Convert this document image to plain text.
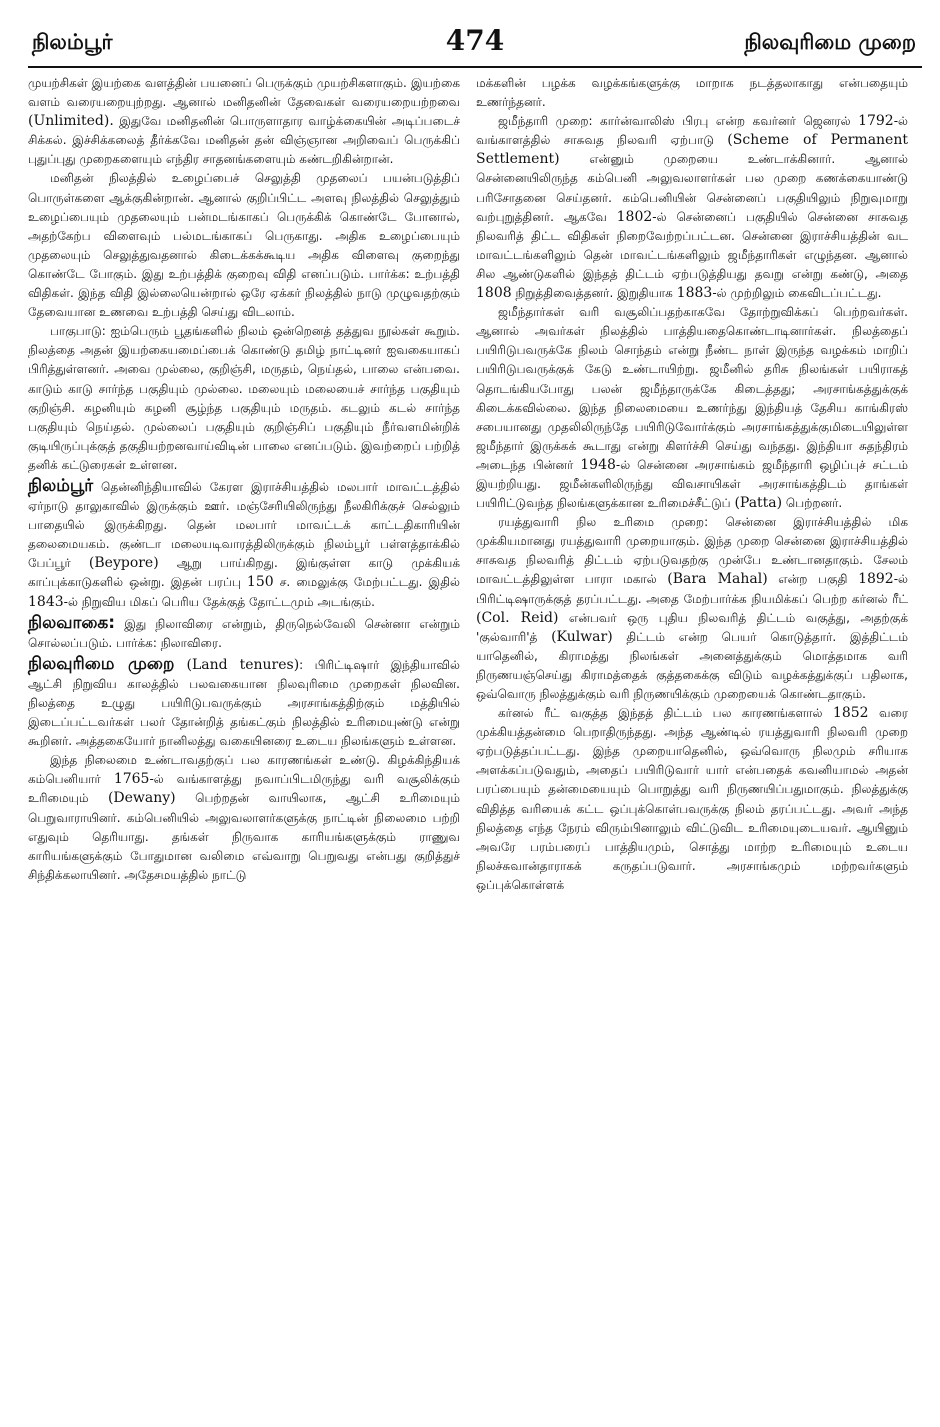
நிலம்பூர்	474	நிலவுரிமை முறை

முயற்சிகள் இயற்கை வளத்தின் பயனைப் பெருக்கும் முயற்சிகளாகும். இயற்கை வளம் வரையறையுற்றது. ஆனால் மனிதனின் தேவைகள் வரையறையற்றவை (Unlimited). இதுவே மனிதனின் பொருளாதார வாழ்க்கையின் அடிப்படைச் சிக்கல். இச்சிக்கலைத் தீர்க்கவே மனிதன் தன் விஞ்ஞான அறிவைப் பெருக்கிப் புதுப்புது முறைகளையும் எந்திர சாதனங்களையும் கண்டறிகின்றான்.

மனிதன் நிலத்தில் உழைப்பைச் செலுத்தி முதலைப் பயன்படுத்திப் பொருள்களை ஆக்குகின்றான். ஆனால் குறிப்பிட்ட அளவு நிலத்தில் செலுத்தும் உழைப்பையும் முதலையும் பன்மடங்காகப் பெருக்கிக் கொண்டே போனால், அதற்கேற்ப விளைவும் பல்மடங்காகப் பெருகாது. அதிக உழைப்பையும் முதலையும் செலுத்துவதனால் கிடைக்கக்கூடிய அதிக விளைவு குறைந்து கொண்டே போகும். இது உற்பத்திக் குறைவு விதி எனப்படும். பார்க்க: உற்பத்தி விதிகள். இந்த விதி இல்லையென்றால் ஒரே ஏக்கர் நிலத்தில் நாடு முழுவதற்கும் தேவையான உணவை உற்பத்தி செய்து விடலாம்.

பாகுபாடு: ஐம்பெரும் பூதங்களில் நிலம் ஒன்றெனத் தத்துவ நூல்கள் கூறும். நிலத்தை அதன் இயற்கையமைப்பைக் கொண்டு தமிழ் நாட்டினர் ஐவகையாகப் பிரித்துள்ளனர். அவை முல்லை, குறிஞ்சி, மருதம், நெய்தல், பாலை என்பவை. காடும் காடு சார்ந்த பகுதியும் முல்லை. மலையும் மலையைச் சார்ந்த பகுதியும் குறிஞ்சி. கழனியும் கழனி சூழ்ந்த பகுதியும் மருதம். கடலும் கடல் சார்ந்த பகுதியும் நெய்தல். முல்லைப் பகுதியும் குறிஞ்சிப் பகுதியும் நீர்வளமின்றிக் குடியிருப்புக்குத் தகுதியற்றனவாய்விடின் பாலை எனப்படும். இவற்றைப் பற்றித் தனிக் கட்டுரைகள் உள்ளன.

நிலம்பூர் தென்னிந்தியாவில் கேரள இராச்சியத்தில் மலபார் மாவட்டத்தில் ஏர்நாடு தாலுகாவில் இருக்கும் ஊர். மஞ்சேரியிலிருந்து நீலகிரிக்குச் செல்லும் பாதையில் இருக்கிறது. தென் மலபார் மாவட்டக் காட்டதிகாரியின் தலைமையகம். குண்டா மலையடிவாரத்திலிருக்கும் நிலம்பூர் பள்ளத்தாக்கில் பேப்பூர் (Beypore) ஆறு பாய்கிறது. இங்குள்ள காடு முக்கியக் காப்புக்காடுகளில் ஒன்று. இதன் பரப்பு 150 ச. மைலுக்கு மேற்பட்டது. இதில் 1843-ல் நிறுவிய மிகப் பெரிய தேக்குத் தோட்டமும் அடங்கும்.

நிலவாகை: இது நிலாவிரை என்றும், திருநெல்வேலி சென்னா என்றும் சொல்லப்படும். பார்க்க: நிலாவிரை.

நிலவுரிமை முறை (Land tenures): பிரிட்டிஷார் இந்தியாவில் ஆட்சி நிறுவிய காலத்தில் பலவகையான நிலவுரிமை முறைகள் நிலவின. நிலத்தை உழுது பயிரிடுபவருக்கும் அரசாங்கத்திற்கும் மத்தியில் இடைப்பட்டவர்கள் பலர் தோன்றித் தங்கட்கும் நிலத்தில் உரிமையுண்டு என்று கூறினர். அத்தகையோர் நானிலத்து வகையினரை உடைய நிலங்களும் உள்ளன.

இந்த நிலைமை உண்டாவதற்குப் பல காரணங்கள் உண்டு. கிழக்கிந்தியக் கம்பெனியார் 1765-ல் வங்காளத்து நவாப்பிடமிருந்து வரி வசூலிக்கும் உரிமையும் (Dewany) பெற்றதன் வாயிலாக, ஆட்சி உரிமையும் பெறுவாராயினர். கம்பெனியில் அலுவலாளர்களுக்கு நாட்டின் நிலைமை பற்றி எதுவும் தெரியாது. தங்கள் நிருவாக காரியங்களுக்கும் ராணுவ காரியங்களுக்கும் போதுமான வலிமை எவ்வாறு பெறுவது என்பது குறித்துச் சிந்திக்கலாயினர். அதேசமயத்தில் நாட்டு

மக்களின் பழக்க வழக்கங்களுக்கு மாறாக நடத்தலாகாது என்பதையும் உணர்ந்தனர்.

ஜமீந்தாரி முறை: கார்ன்வாலிஸ் பிரபு என்ற கவர்னர் ஜெனரல் 1792-ல் வங்காளத்தில் சாசுவத நிலவரி ஏற்பாடு (Scheme of Permanent Settlement) என்னும் முறையை உண்டாக்கினார். ஆனால் சென்னையிலிருந்த கம்பெனி அலுவலாளர்கள் பல முறை கணக்கையாண்டு பரிசோதனை செய்தனர். கம்பெனியின் சென்னைப் பகுதியிலும் நிறுவுமாறு வற்புறுத்தினர். ஆகவே 1802-ல் சென்னைப் பகுதியில் சென்னை சாசுவத நிலவரித் திட்ட விதிகள் நிறைவேற்றப்பட்டன. சென்னை இராச்சியத்தின் வட மாவட்டங்களிலும் தென் மாவட்டங்களிலும் ஜமீந்தாரிகள் எழுந்தன. ஆனால் சில ஆண்டுகளில் இந்தத் திட்டம் ஏற்படுத்தியது தவறு என்று கண்டு, அதை 1808 நிறுத்திவைத்தனர். இறுதியாக 1883-ல் முற்றிலும் கைவிடப்பட்டது.

ஜமீந்தார்கள் வரி வசூலிப்பதற்காகவே தோற்றுவிக்கப் பெற்றவர்கள். ஆனால் அவர்கள் நிலத்தில் பாத்தியதைகொண்டாடினார்கள். நிலத்தைப் பயிரிடுபவருக்கே நிலம் சொந்தம் என்று நீண்ட நாள் இருந்த வழக்கம் மாறிப் பயிரிடுபவருக்குக் கேடு உண்டாயிற்று. ஜமீனில் தரிசு நிலங்கள் பயிராகத் தொடங்கியபோது பலன் ஜமீந்தாருக்கே கிடைத்தது; அரசாங்கத்துக்குக் கிடைக்கவில்லை. இந்த நிலைமையை உணர்ந்து இந்தியத் தேசிய காங்கிரஸ் சபையானது முதலிலிருந்தே பயிரிடுவோர்க்கும் அரசாங்கத்துக்குமிடையிலுள்ள ஜமீந்தார் இருக்கக் கூடாது என்று கிளர்ச்சி செய்து வந்தது. இந்தியா சுதந்திரம் அடைந்த பின்னர் 1948-ல் சென்னை அரசாங்கம் ஜமீந்தாரி ஒழிப்புச் சட்டம் இயற்றியது. ஜமீன்களிலிருந்து விவசாயிகள் அரசாங்கத்திடம் தாங்கள் பயிரிட்டுவந்த நிலங்களுக்கான உரிமைச்சீட்டுப் (Patta) பெற்றனர்.

ரயத்துவாரி நில உரிமை முறை: சென்னை இராச்சியத்தில் மிக முக்கியமானது ரயத்துவாரி முறையாகும். இந்த முறை சென்னை இராச்சியத்தில் சாசுவத நிலவரித் திட்டம் ஏற்படுவதற்கு முன்பே உண்டானதாகும். சேலம் மாவட்டத்திலுள்ள பாரா மகால் (Bara Mahal) என்ற பகுதி 1892-ல் பிரிட்டிஷாருக்குத் தரப்பட்டது. அதை மேற்பார்க்க நியமிக்கப் பெற்ற கர்னல் ரீட் (Col. Reid) என்பவர் ஒரு புதிய நிலவரித் திட்டம் வகுத்து, அதற்குக் 'குல்வாரி'த் (Kulwar) திட்டம் என்ற பெயர் கொடுத்தார். இத்திட்டம் யாதெனில், கிராமத்து நிலங்கள் அனைத்துக்கும் மொத்தமாக வரி நிருணயஞ்செய்து கிராமத்தைக் குத்தகைக்கு விடும் வழக்கத்துக்குப் பதிலாக, ஒவ்வொரு நிலத்துக்கும் வரி நிருணயிக்கும் முறையைக் கொண்டதாகும்.

கர்னல் ரீட் வகுத்த இந்தத் திட்டம் பல காரணங்களால் 1852 வரை முக்கியத்தன்மை பெறாதிருந்தது. அந்த ஆண்டில் ரயத்துவாரி நிலவரி முறை ஏற்படுத்தப்பட்டது. இந்த முறையாதெனில், ஒவ்வொரு நிலமும் சரியாக அளக்கப்படுவதும், அதைப் பயிரிடுவார் யார் என்பதைக் கவனியாமல் அதன் பரப்பையும் தன்மையையும் பொறுத்து வரி நிருணயிப்பதுமாகும். நிலத்துக்கு விதித்த வரியைக் கட்ட ஒப்புக்கொள்பவருக்கு நிலம் தரப்பட்டது. அவர் அந்த நிலத்தை எந்த நேரம் விரும்பினாலும் விட்டுவிட உரிமையுடையவர். ஆயினும் அவரே பரம்பரைப் பாத்தியமும், சொத்து மாற்ற உரிமையும் உடைய நிலச்சுவான்தாராகக் கருதப்படுவார். அரசாங்கமும் மற்றவர்களும் ஒப்புக்கொள்ளக்
